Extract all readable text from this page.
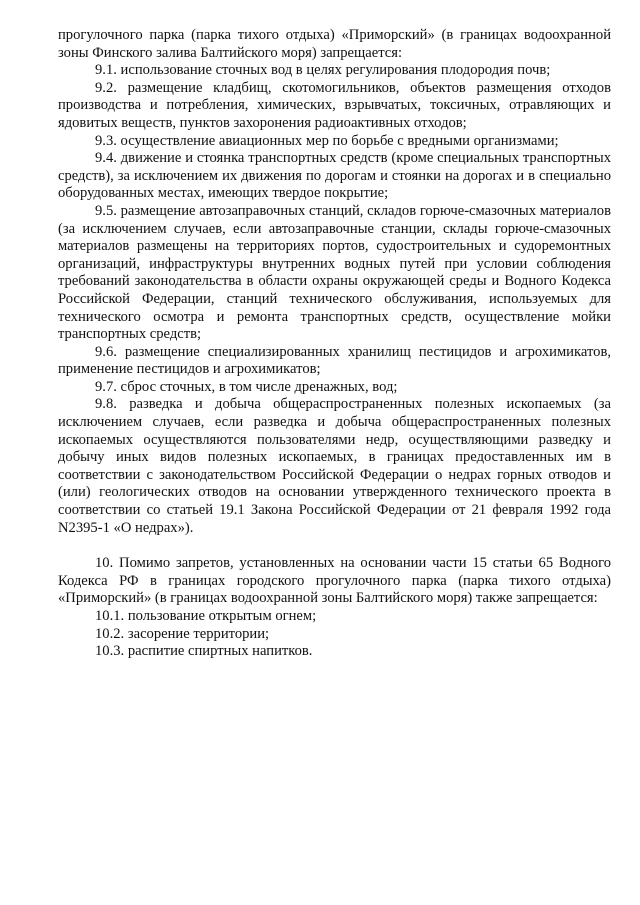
прогулочного парка (парка тихого отдыха) «Приморский» (в границах водоохранной зоны Финского залива Балтийского моря) запрещается:

9.1. использование сточных вод в целях регулирования плодородия почв;

9.2. размещение кладбищ, скотомогильников, объектов размещения отходов производства и потребления, химических, взрывчатых, токсичных, отравляющих и ядовитых веществ, пунктов захоронения радиоактивных отходов;

9.3. осуществление авиационных мер по борьбе с вредными организмами;

9.4. движение и стоянка транспортных средств (кроме специальных транспортных средств), за исключением их движения по дорогам и стоянки на дорогах и в специально оборудованных местах, имеющих твердое покрытие;

9.5. размещение автозаправочных станций, складов горюче-смазочных материалов (за исключением случаев, если автозаправочные станции, склады горюче-смазочных материалов размещены на территориях портов, судостроительных и судоремонтных организаций, инфраструктуры внутренних водных путей при условии соблюдения требований законодательства в области охраны окружающей среды и Водного Кодекса Российской Федерации, станций технического обслуживания, используемых для технического осмотра и ремонта транспортных средств, осуществление мойки транспортных средств;

9.6. размещение специализированных хранилищ пестицидов и агрохимикатов, применение пестицидов и агрохимикатов;

9.7. сброс сточных, в том числе дренажных, вод;

9.8. разведка и добыча общераспространенных полезных ископаемых (за исключением случаев, если разведка и добыча общераспространенных полезных ископаемых осуществляются пользователями недр, осуществляющими разведку и добычу иных видов полезных ископаемых, в границах предоставленных им в соответствии с законодательством Российской Федерации о недрах горных отводов и (или) геологических отводов на основании утвержденного технического проекта в соответствии со статьей 19.1 Закона Российской Федерации от 21 февраля 1992 года N2395-1 «О недрах»).

10. Помимо запретов, установленных на основании части 15 статьи 65 Водного Кодекса РФ в границах городского прогулочного парка (парка тихого отдыха) «Приморский» (в границах водоохранной зоны Балтийского моря) также запрещается:

10.1. пользование открытым огнем;

10.2. засорение территории;

10.3. распитие спиртных напитков.
